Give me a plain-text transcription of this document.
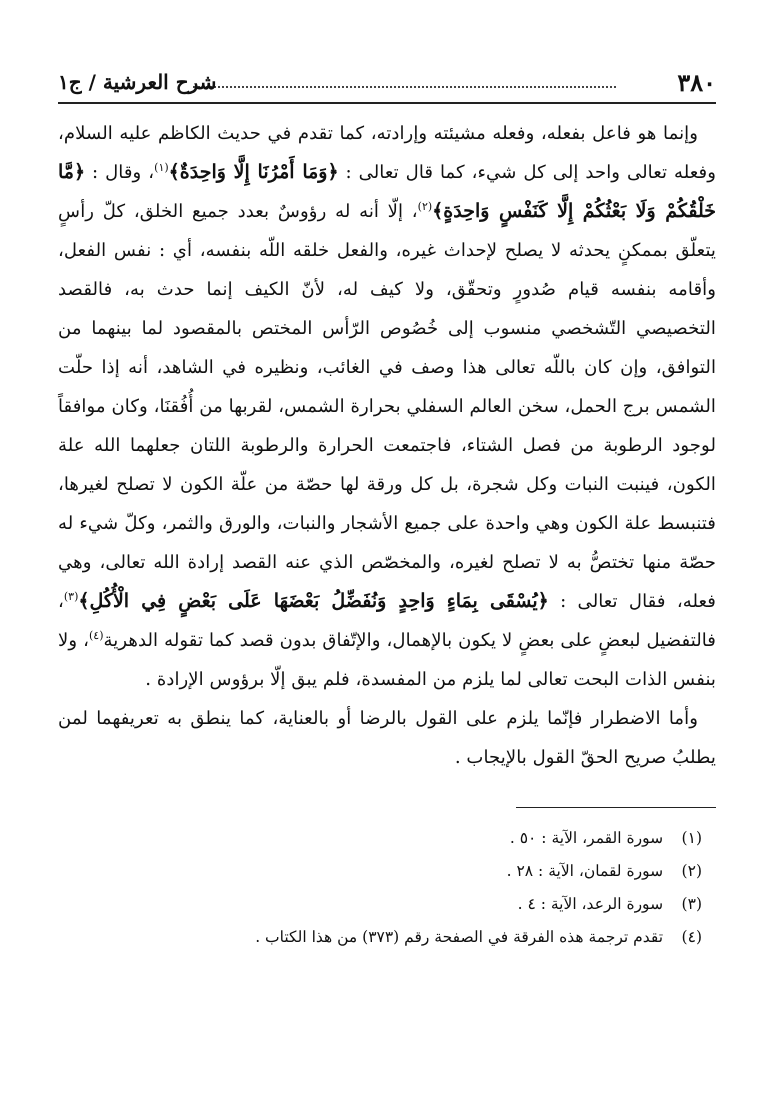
٣٨٠
شرح العرشية / ج١

وإنما هو فاعل بفعله، وفعله مشيئته وإرادته، كما تقدم في حديث الكاظم عليه السلام، وفعله تعالى واحد إلى كل شيء، كما قال تعالى : ﴿وَمَا أَمْرُنَا إِلَّا وَاحِدَةٌ﴾$^{(١)}$، وقال : ﴿مَّا خَلْقُكُمْ وَلَا بَعْثُكُمْ إِلَّا كَنَفْسٍ وَاحِدَةٍ﴾$^{(٢)}$، إلّا أنه له رؤوسٌ بعدد جميع الخلق، كلّ رأسٍ يتعلّق بممكنٍ يحدثه لا يصلح لإحداث غيره، والفعل خلقه اللّه بنفسه، أي : نفس الفعل، وأقامه بنفسه قيام صُدورٍ وتحقّق، ولا كيف له، لأنّ الكيف إنما حدث به، فالقصد التخصيصي التّشخصي منسوب إلى خُصُوص الرّأس المختص بالمقصود لما بينهما من التوافق، وإن كان باللّه تعالى هذا وصف في الغائب، ونظيره في الشاهد، أنه إذا حلّت الشمس برج الحمل، سخن العالم السفلي بحرارة الشمس، لقربها من أُفُقنَا، وكان موافقاً لوجود الرطوبة من فصل الشتاء، فاجتمعت الحرارة والرطوبة اللتان جعلهما الله علة الكون، فينبت النبات وكل شجرة، بل كل ورقة لها حصّة من علّة الكون لا تصلح لغيرها، فتنبسط علة الكون وهي واحدة على جميع الأشجار والنبات، والورق والثمر، وكلّ شيء له حصّة منها تختصُّ به لا تصلح لغيره، والمخصّص الذي عنه القصد إرادة الله تعالى، وهي فعله، فقال تعالى : ﴿يُسْقَى بِمَاءٍ وَاحِدٍ وَنُفَضِّلُ بَعْضَهَا عَلَى بَعْضٍ فِي الْأُكُلِ﴾$^{(٣)}$، فالتفضيل لبعضٍ على بعضٍ لا يكون بالإهمال، والإتّفاق بدون قصد كما تقوله الدهرية$^{(٤)}$، ولا بنفس الذات البحت تعالى لما يلزم من المفسدة، فلم يبق إلّا برؤوس الإرادة .

وأما الاضطرار فإنّما يلزم على القول بالرضا أو بالعناية، كما ينطق به تعريفهما لمن يطلبُ صريح الحقّ القول بالإيجاب .

(١) سورة القمر، الآية : ٥٠ .
(٢) سورة لقمان، الآية : ٢٨ .
(٣) سورة الرعد، الآية : ٤ .
(٤) تقدم ترجمة هذه الفرقة في الصفحة رقم (٣٧٣) من هذا الكتاب .
